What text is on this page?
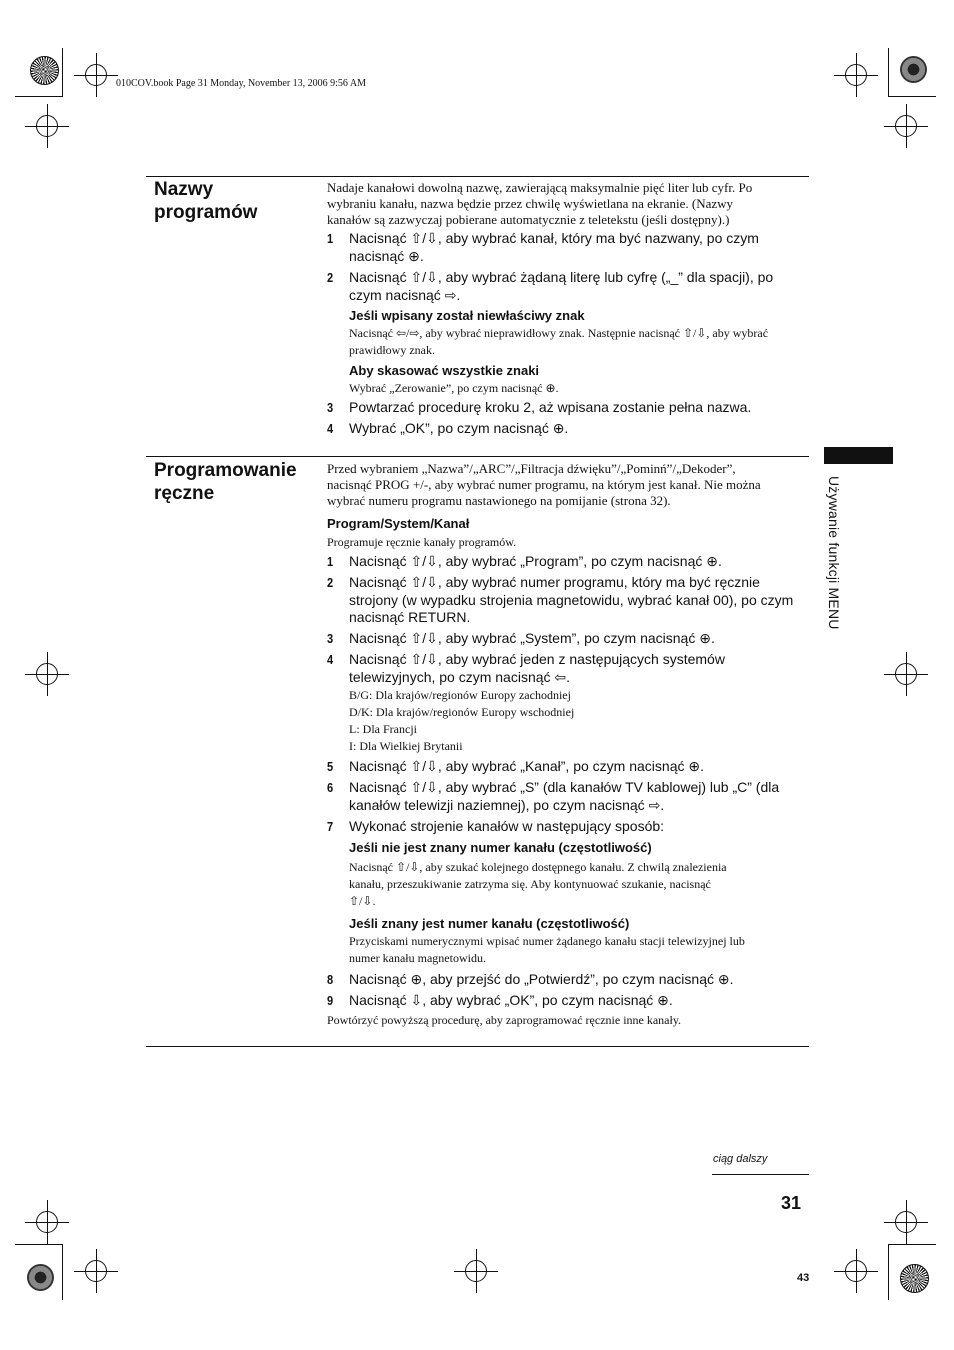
010COV.book Page 31 Monday, November 13, 2006 9:56 AM
Używanie funkcji MENU
Nazwy programów
Nadaje kanałowi dowolną nazwę, zawierającą maksymalnie pięć liter lub cyfr. Po
wybraniu kanału, nazwa będzie przez chwilę wyświetlana na ekranie. (Nazwy
kanałów są zazwyczaj pobierane automatycznie z teletekstu (jeśli dostępny).)
1 Nacisnąć ⇧/⇩, aby wybrać kanał, który ma być nazwany, po czym
nacisnąć ⊕.
2 Nacisnąć ⇧/⇩, aby wybrać żądaną literę lub cyfrę („_” dla spacji), po
czym nacisnąć ⇨.
Jeśli wpisany został niewłaściwy znak
Nacisnąć ⇦/⇨, aby wybrać nieprawidłowy znak. Następnie nacisnąć ⇧/⇩, aby wybrać
prawidłowy znak.
Aby skasować wszystkie znaki
Wybrać „Zerowanie”, po czym nacisnąć ⊕.
3 Powtarzać procedurę kroku 2, aż wpisana zostanie pełna nazwa.
4 Wybrać „OK”, po czym nacisnąć ⊕.
Programowanie ręczne
Przed wybraniem „Nazwa”/„ARC”/„Filtracja dźwięku”/„Pominń”/„Dekoder”,
nacisnąć PROG +/-, aby wybrać numer programu, na którym jest kanał. Nie można
wybrać numeru programu nastawionego na pomijanie (strona 32).
Program/System/Kanał
Programuje ręcznie kanały programów.
1 Nacisnąć ⇧/⇩, aby wybrać „Program”, po czym nacisnąć ⊕.
2 Nacisnąć ⇧/⇩, aby wybrać numer programu, który ma być ręcznie
strojony (w wypadku strojenia magnetowidu, wybrać kanał 00), po czym
nacisnąć RETURN.
3 Nacisnąć ⇧/⇩, aby wybrać „System”, po czym nacisnąć ⊕.
4 Nacisnąć ⇧/⇩, aby wybrać jeden z następujących systemów
telewizyjnych, po czym nacisnąć ⇦.
B/G: Dla krajów/regionów Europy zachodniej
D/K: Dla krajów/regionów Europy wschodniej
L: Dla Francji
I: Dla Wielkiej Brytanii
5 Nacisnąć ⇧/⇩, aby wybrać „Kanał”, po czym nacisnąć ⊕.
6 Nacisnąć ⇧/⇩, aby wybrać „S” (dla kanałów TV kablowej) lub „C” (dla
kanałów telewizji naziemnej), po czym nacisnąć ⇨.
7 Wykonać strojenie kanałów w następujący sposób:
Jeśli nie jest znany numer kanału (częstotliwość)
Nacisnąć ⇧/⇩, aby szukać kolejnego dostępnego kanału. Z chwilą znalezienia
kanału, przeszukiwanie zatrzyma się. Aby kontynuować szukanie, nacisnąć
⇧/⇩.
Jeśli znany jest numer kanału (częstotliwość)
Przyciskami numerycznymi wpisać numer żądanego kanału stacji telewizyjnej lub
numer kanału magnetowidu.
8 Nacisnąć ⊕, aby przejść do „Potwierdź”, po czym nacisnąć ⊕.
9 Nacisnąć ⇩, aby wybrać „OK”, po czym nacisnąć ⊕.
Powtórzyć powyższą procedurę, aby zaprogramować ręcznie inne kanały.
ciąg dalszy
31
43
